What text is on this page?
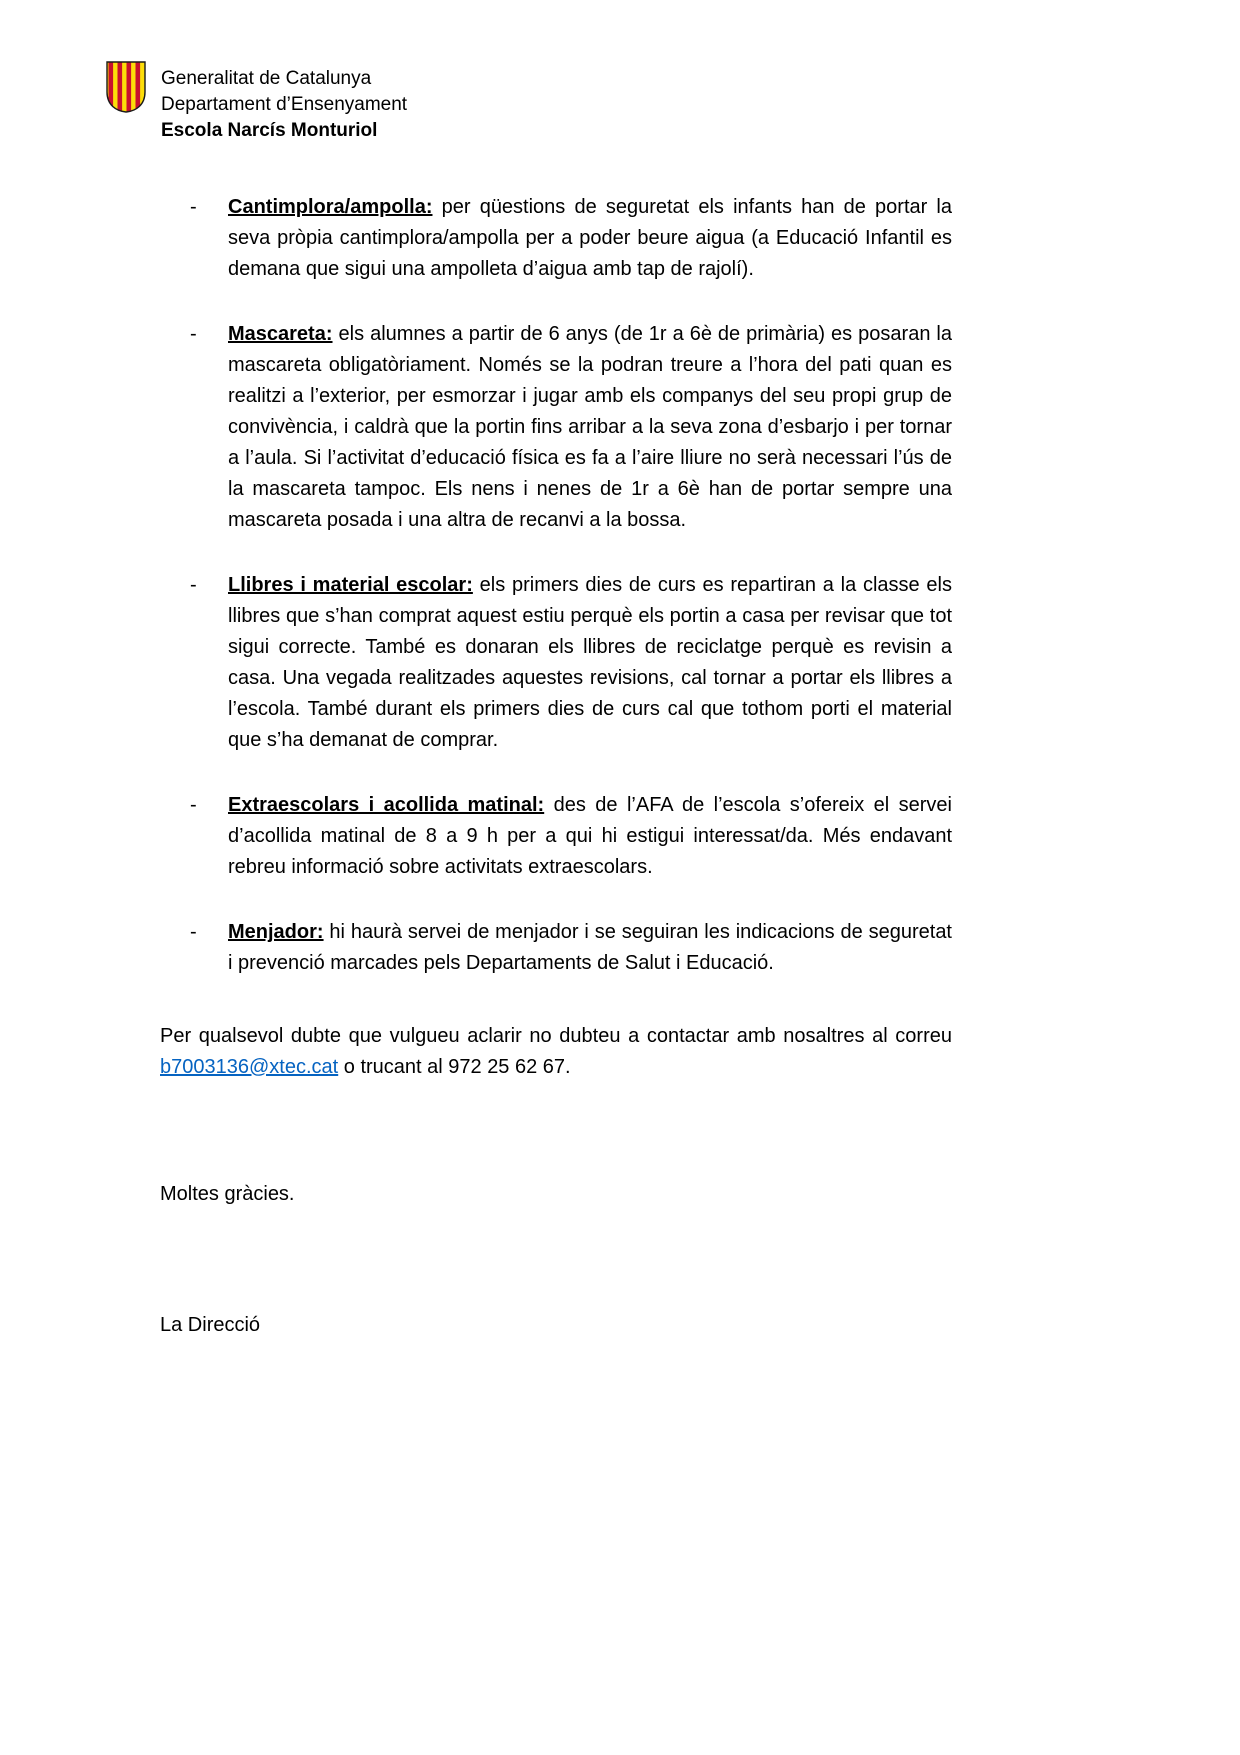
Generalitat de Catalunya
Departament d’Ensenyament
Escola Narcís Monturiol
- Cantimplora/ampolla: per qüestions de seguretat els infants han de portar la seva pròpia cantimplora/ampolla per a poder beure aigua (a Educació Infantil es demana que sigui una ampolleta d’aigua amb tap de rajolí).

- Mascareta: els alumnes a partir de 6 anys (de 1r a 6è de primària) es posaran la mascareta obligatòriament. Només se la podran treure a l’hora del pati quan es realitzi a l’exterior, per esmorzar i jugar amb els companys del seu propi grup de convivència, i caldrà que la portin fins arribar a la seva zona d’esbarjo i per tornar a l’aula. Si l’activitat d’educació física es fa a l’aire lliure no serà necessari l’ús de la mascareta tampoc. Els nens i nenes de 1r a 6è han de portar sempre una mascareta posada i una altra de recanvi a la bossa.

- Llibres i material escolar: els primers dies de curs es repartiran a la classe els llibres que s’han comprat aquest estiu perquè els portin a casa per revisar que tot sigui correcte. També es donaran els llibres de reciclatge perquè es revisin a casa. Una vegada realitzades aquestes revisions, cal tornar a portar els llibres a l’escola. També durant els primers dies de curs cal que tothom porti el material que s’ha demanat de comprar.

- Extraescolars i acollida matinal: des de l’AFA de l’escola s’ofereix el servei d’acollida matinal de 8 a 9 h per a qui hi estigui interessat/da. Més endavant rebreu informació sobre activitats extraescolars.

- Menjador: hi haurà servei de menjador i se seguiran les indicacions de seguretat i prevenció marcades pels Departaments de Salut i Educació.

Per qualsevol dubte que vulgueu aclarir no dubteu a contactar amb nosaltres al correu b7003136@xtec.cat o trucant al 972 25 62 67.

Moltes gràcies.

La Direcció
